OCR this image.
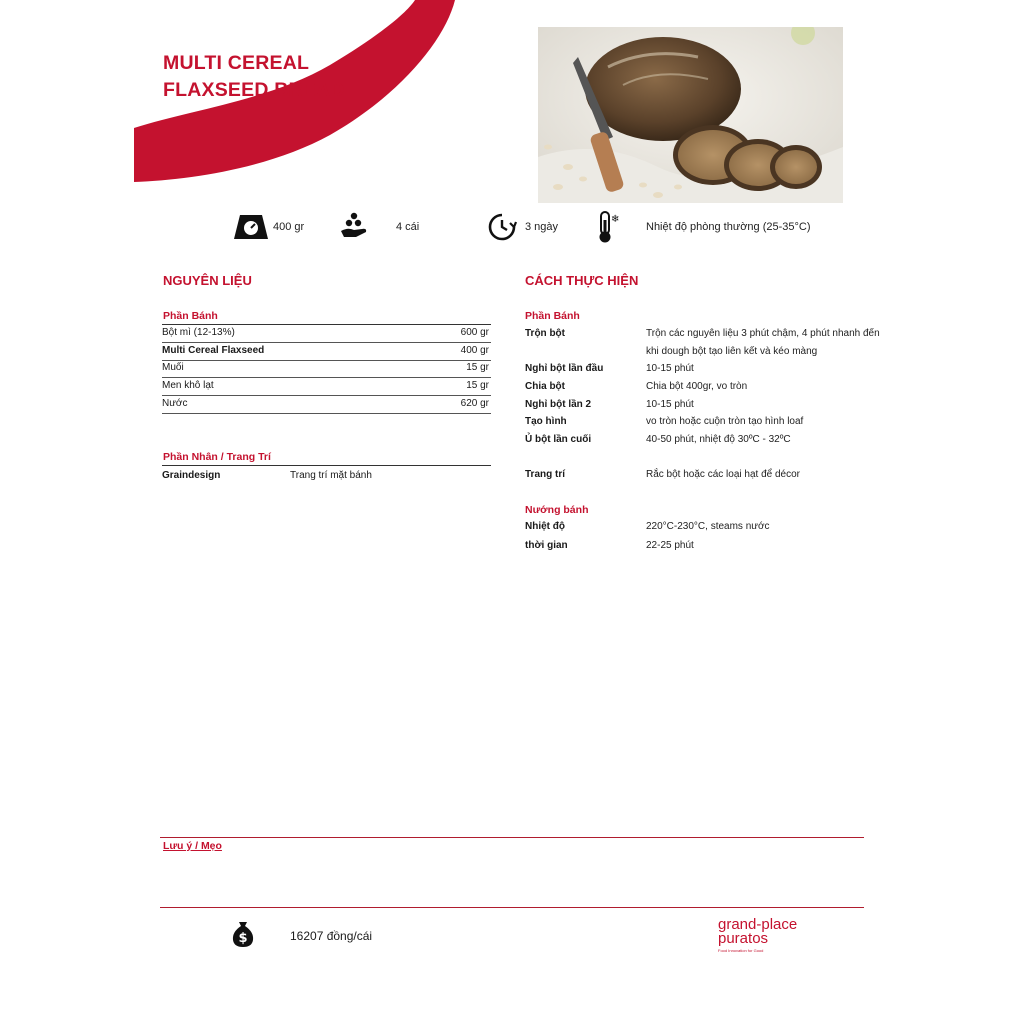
MULTI CEREAL
FLAXSEED BREAD
400 gr	4 cái	3 ngày
❄
Nhiệt độ phòng thường (25-35°C)
NGUYÊN LIỆU
Phần Bánh
Bột mì (12-13%)	600 gr
Multi Cereal Flaxseed	400 gr
Muối	15 gr
Men khô lạt	15 gr
Nước	620 gr
Phần Nhân / Trang Trí
Graindesign	Trang trí mặt bánh
CÁCH THỰC HIỆN
Phần Bánh
Trộn bột	Trộn các nguyên liệu 3 phút chậm, 4 phút nhanh đến khi dough bột tạo liên kết và kéo màng
Nghỉ bột lần đầu	10-15 phút
Chia bột	Chia bột 400gr, vo tròn
Nghỉ bột lần 2	10-15 phút
Tạo hình	vo tròn hoặc cuộn tròn tạo hình loaf
Ủ bột lần cuối	40-50 phút, nhiệt độ 30ºC - 32ºC
Trang trí	Rắc bột hoặc các loại hạt để décor
Nướng bánh
Nhiệt độ	220°C-230°C, steams nước
thời gian	22-25 phút
Lưu ý / Mẹo
$	16207 đồng/cái
grand-place
puratos
Food Innovation for Good
